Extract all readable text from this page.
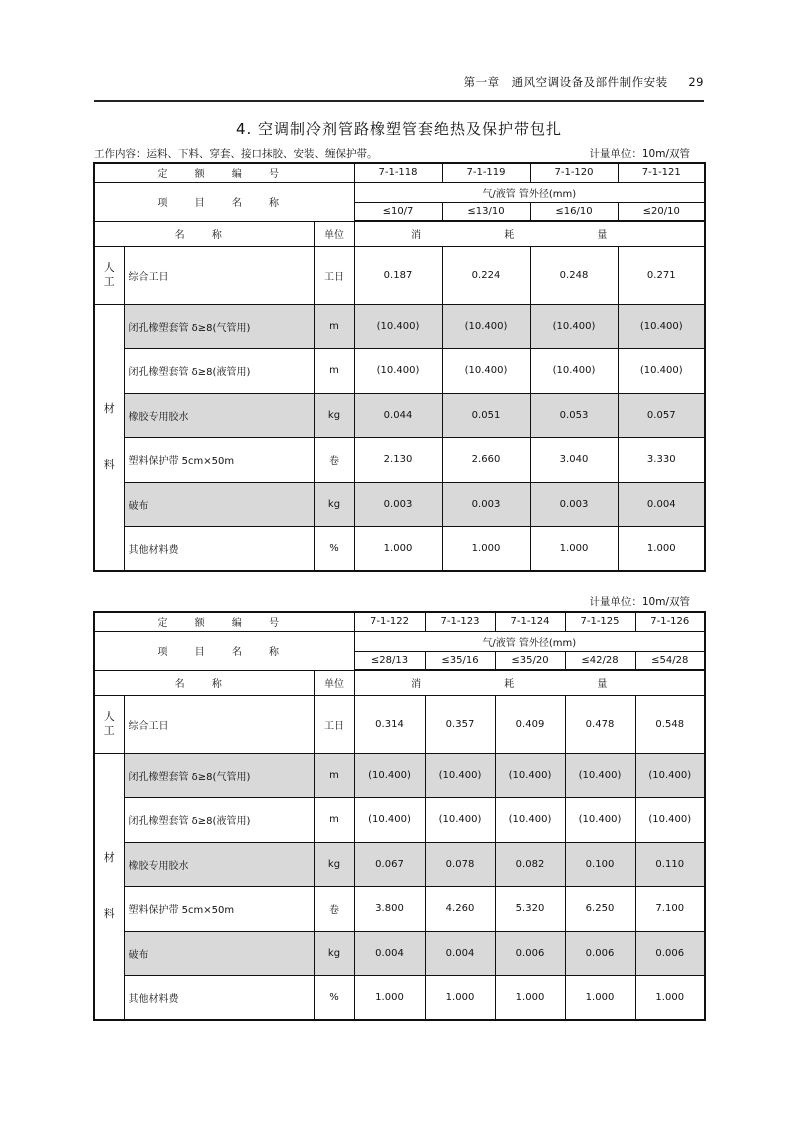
第一章　通风空调设备及部件制作安装 29
4. 空调制冷剂管路橡塑管套绝热及保护带包扎
工作内容：运料、下料、穿套、接口抹胶、安装、缠保护带。	计量单位：10m/双管
定 额 编 号			7-1-118	7-1-119	7-1-120	7-1-121
项 目 名 称			气/液管 管外径(mm)			
			≤10/7	≤13/10	≤16/10	≤20/10
名 称		单位	消 耗 量			
人工	综合工日	工日	0.187	0.224	0.248	0.271
材

料	闭孔橡塑套管 δ≥8(气管用)	m	(10.400)	(10.400)	(10.400)	(10.400)
	闭孔橡塑套管 δ≥8(液管用)	m	(10.400)	(10.400)	(10.400)	(10.400)
	橡胶专用胶水	kg	0.044	0.051	0.053	0.057
	塑料保护带 5cm×50m	卷	2.130	2.660	3.040	3.330
	破布	kg	0.003	0.003	0.003	0.004
	其他材料费	%	1.000	1.000	1.000	1.000
计量单位：10m/双管
定 额 编 号			7-1-122	7-1-123	7-1-124	7-1-125	7-1-126
项 目 名 称			气/液管 管外径(mm)				
			≤28/13	≤35/16	≤35/20	≤42/28	≤54/28
名 称		单位	消 耗 量				
人工	综合工日	工日	0.314	0.357	0.409	0.478	0.548
材

料	闭孔橡塑套管 δ≥8(气管用)	m	(10.400)	(10.400)	(10.400)	(10.400)	(10.400)
	闭孔橡塑套管 δ≥8(液管用)	m	(10.400)	(10.400)	(10.400)	(10.400)	(10.400)
	橡胶专用胶水	kg	0.067	0.078	0.082	0.100	0.110
	塑料保护带 5cm×50m	卷	3.800	4.260	5.320	6.250	7.100
	破布	kg	0.004	0.004	0.006	0.006	0.006
	其他材料费	%	1.000	1.000	1.000	1.000	1.000
